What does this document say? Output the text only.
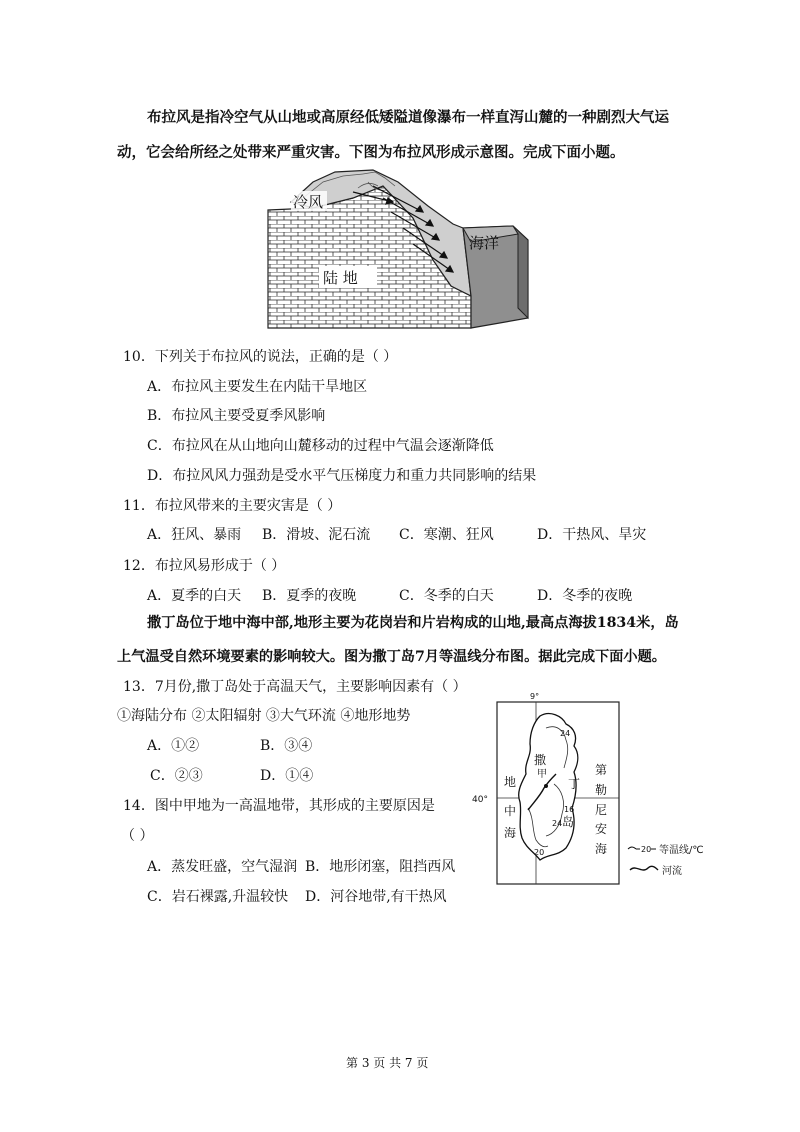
布拉风是指冷空气从山地或高原经低矮隘道像瀑布一样直泻山麓的一种剧烈大气运
动，它会给所经之处带来严重灾害。下图为布拉风形成示意图。完成下面小题。
冷风
海洋
陆 地
10．下列关于布拉风的说法，正确的是（ ）
A．布拉风主要发生在内陆干旱地区
B．布拉风主要受夏季风影响
C．布拉风在从山地向山麓移动的过程中气温会逐渐降低
D．布拉风风力强劲是受水平气压梯度力和重力共同影响的结果
11．布拉风带来的主要灾害是（ ）
A．狂风、暴雨 B．滑坡、泥石流 C．寒潮、狂风	D．干热风、旱灾
12．布拉风易形成于（ ）
A．夏季的白天 B．夏季的夜晚	C．冬季的白天	D．冬季的夜晚
撒丁岛位于地中海中部,地形主要为花岗岩和片岩构成的山地,最高点海拔1834米，岛
上气温受自然环境要素的影响较大。图为撒丁岛7月等温线分布图。据此完成下面小题。
13．7月份,撒丁岛处于高温天气，主要影响因素有（ ）
①海陆分布 ②太阳辐射 ③大气环流 ④地形地势
A．①②	B．③④
C．②③	D．①④
14．图中甲地为一高温地带，其形成的主要原因是
（ ）
A．蒸发旺盛，空气湿润 B．地形闭塞，阻挡西风
C．岩石裸露,升温较快 D．河谷地带,有干热风
9°
40°
甲
撒
丁
岛
24
24
16
20
地
中
海
第
勒
尼
安
海	20 等温线/℃
河流
第 3 页 共 7 页
